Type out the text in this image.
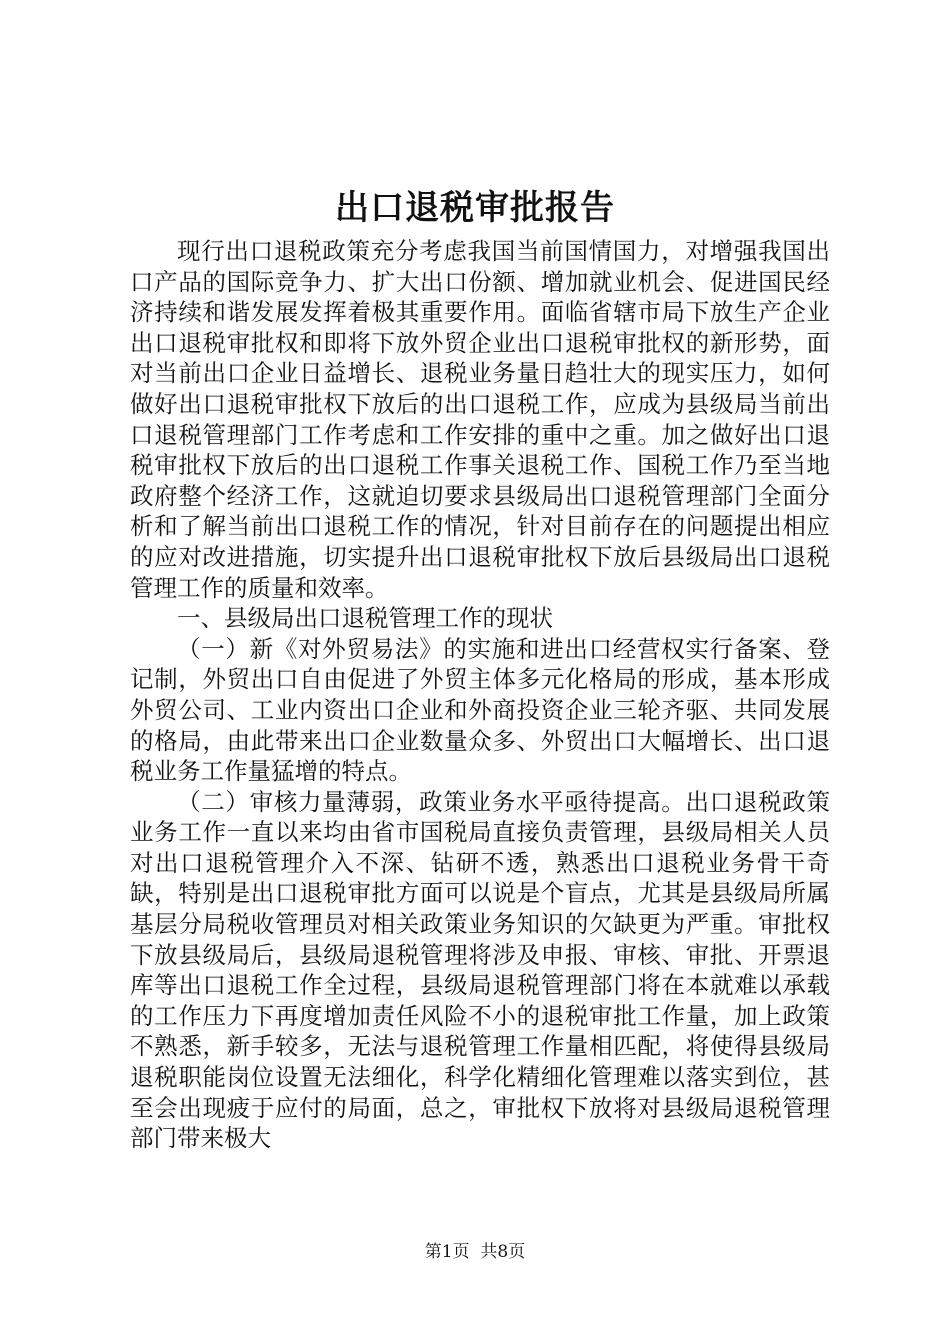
出口退税审批报告

现行出口退税政策充分考虑我国当前国情国力，对增强我国出口产品的国际竞争力、扩大出口份额、增加就业机会、促进国民经济持续和谐发展发挥着极其重要作用。面临省辖市局下放生产企业出口退税审批权和即将下放外贸企业出口退税审批权的新形势，面对当前出口企业日益增长、退税业务量日趋壮大的现实压力，如何做好出口退税审批权下放后的出口退税工作，应成为县级局当前出口退税管理部门工作考虑和工作安排的重中之重。加之做好出口退税审批权下放后的出口退税工作事关退税工作、国税工作乃至当地政府整个经济工作，这就迫切要求县级局出口退税管理部门全面分析和了解当前出口退税工作的情况，针对目前存在的问题提出相应的应对改进措施，切实提升出口退税审批权下放后县级局出口退税管理工作的质量和效率。

一、县级局出口退税管理工作的现状

（一）新《对外贸易法》的实施和进出口经营权实行备案、登记制，外贸出口自由促进了外贸主体多元化格局的形成，基本形成外贸公司、工业内资出口企业和外商投资企业三轮齐驱、共同发展的格局，由此带来出口企业数量众多、外贸出口大幅增长、出口退税业务工作量猛增的特点。

（二）审核力量薄弱，政策业务水平亟待提高。出口退税政策业务工作一直以来均由省市国税局直接负责管理，县级局相关人员对出口退税管理介入不深、钻研不透，熟悉出口退税业务骨干奇缺，特别是出口退税审批方面可以说是个盲点，尤其是县级局所属基层分局税收管理员对相关政策业务知识的欠缺更为严重。审批权下放县级局后，县级局退税管理将涉及申报、审核、审批、开票退库等出口退税工作全过程，县级局退税管理部门将在本就难以承载的工作压力下再度增加责任风险不小的退税审批工作量，加上政策不熟悉，新手较多，无法与退税管理工作量相匹配，将使得县级局退税职能岗位设置无法细化，科学化精细化管理难以落实到位，甚至会出现疲于应付的局面，总之，审批权下放将对县级局退税管理部门带来极大

第1页  共8页
